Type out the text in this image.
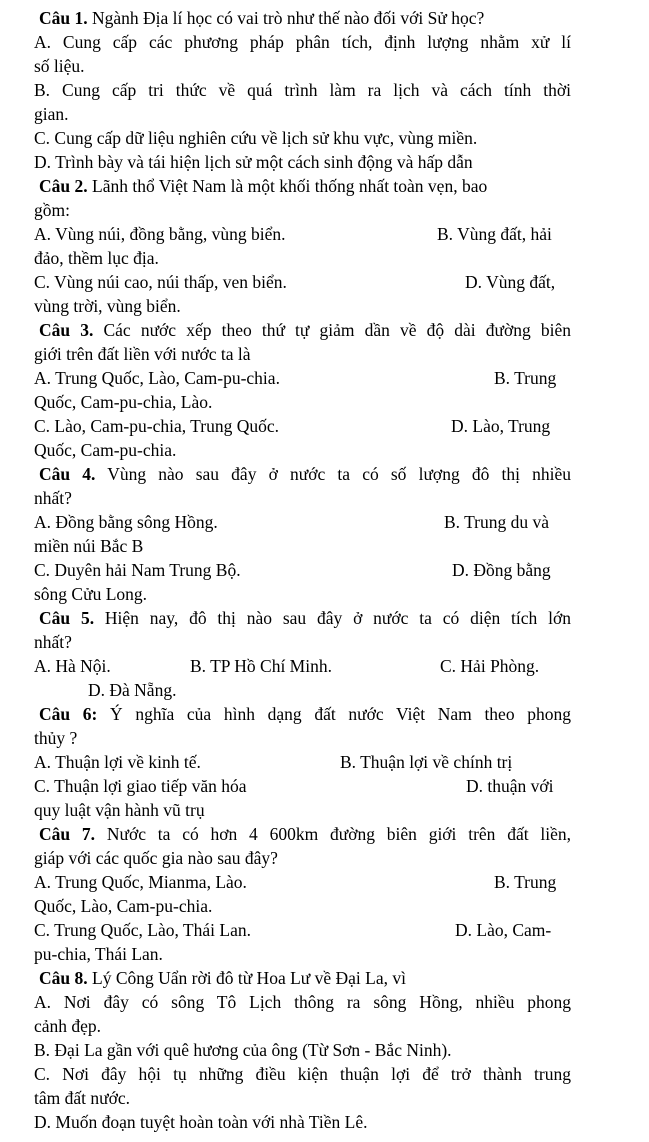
Câu 1. Ngành Địa lí học có vai trò như thế nào đối với Sử học?
A. Cung cấp các phương pháp phân tích, định lượng nhằm xử lí
số liệu.
B. Cung cấp tri thức về quá trình làm ra lịch và cách tính thời
gian.
C. Cung cấp dữ liệu nghiên cứu về lịch sử khu vực, vùng miền.
D. Trình bày và tái hiện lịch sử một cách sinh động và hấp dẫn
Câu 2. Lãnh thổ Việt Nam là một khối thống nhất toàn vẹn, bao
gồm:
A. Vùng núi, đồng bằng, vùng biển.	B. Vùng đất, hải
đảo, thềm lục địa.
C. Vùng núi cao, núi thấp, ven biển.	D. Vùng đất,
vùng trời, vùng biển.
Câu 3. Các nước xếp theo thứ tự giảm dần về độ dài đường biên
giới trên đất liền với nước ta là
A. Trung Quốc, Lào, Cam-pu-chia.	B. Trung
Quốc, Cam-pu-chia, Lào.
C. Lào, Cam-pu-chia, Trung Quốc.	D. Lào, Trung
Quốc, Cam-pu-chia.
Câu 4. Vùng nào sau đây ở nước ta có số lượng đô thị nhiều
nhất?
A. Đồng bằng sông Hồng.	B. Trung du và
miền núi Bắc B
C. Duyên hải Nam Trung Bộ.	D. Đồng bằng
sông Cửu Long.
Câu 5. Hiện nay, đô thị nào sau đây ở nước ta có diện tích lớn
nhất?
A. Hà Nội.	B. TP Hồ Chí Minh.	C. Hải Phòng.
D. Đà Nẵng.
Câu 6: Ý nghĩa của hình dạng đất nước Việt Nam theo phong
thủy ?
A. Thuận lợi về kinh tế.	B. Thuận lợi về chính trị
C. Thuận lợi giao tiếp văn hóa	D. thuận với
quy luật vận hành vũ trụ
Câu 7. Nước ta có hơn 4 600km đường biên giới trên đất liền,
giáp với các quốc gia nào sau đây?
A. Trung Quốc, Mianma, Lào.	B. Trung
Quốc, Lào, Cam-pu-chia.
C. Trung Quốc, Lào, Thái Lan.	D. Lào, Cam-
pu-chia, Thái Lan.
Câu 8. Lý Công Uẩn rời đô từ Hoa Lư về Đại La, vì
A. Nơi đây có sông Tô Lịch thông ra sông Hồng, nhiều phong
cảnh đẹp.
B. Đại La gần với quê hương của ông (Từ Sơn - Bắc Ninh).
C. Nơi đây hội tụ những điều kiện thuận lợi để trở thành trung
tâm đất nước.
D. Muốn đoạn tuyệt hoàn toàn với nhà Tiền Lê.
